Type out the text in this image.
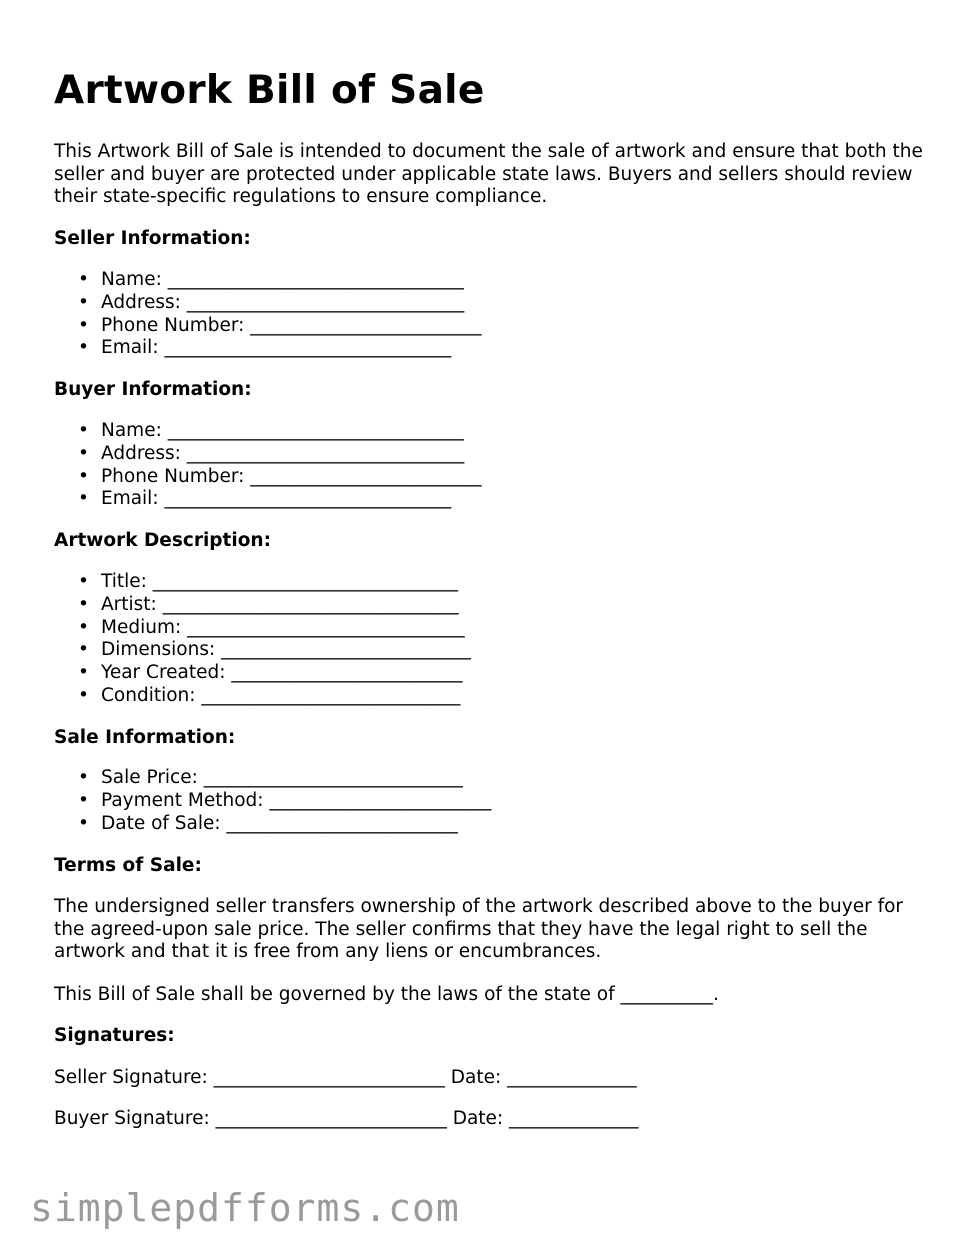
Artwork Bill of Sale

This Artwork Bill of Sale is intended to document the sale of artwork and ensure that both the seller and buyer are protected under applicable state laws. Buyers and sellers should review their state-specific regulations to ensure compliance.

Seller Information:

• Name: ________________________________
• Address: ______________________________
• Phone Number: _________________________
• Email: _______________________________

Buyer Information:

• Name: ________________________________
• Address: ______________________________
• Phone Number: _________________________
• Email: _______________________________

Artwork Description:

• Title: _________________________________
• Artist: ________________________________
• Medium: ______________________________
• Dimensions: ___________________________
• Year Created: _________________________
• Condition: ____________________________

Sale Information:

• Sale Price: ____________________________
• Payment Method: ________________________
• Date of Sale: _________________________

Terms of Sale:

The undersigned seller transfers ownership of the artwork described above to the buyer for the agreed-upon sale price. The seller confirms that they have the legal right to sell the artwork and that it is free from any liens or encumbrances.

This Bill of Sale shall be governed by the laws of the state of __________.

Signatures:

Seller Signature: _________________________ Date: ______________

Buyer Signature: _________________________ Date: ______________

simplepdfforms.com
